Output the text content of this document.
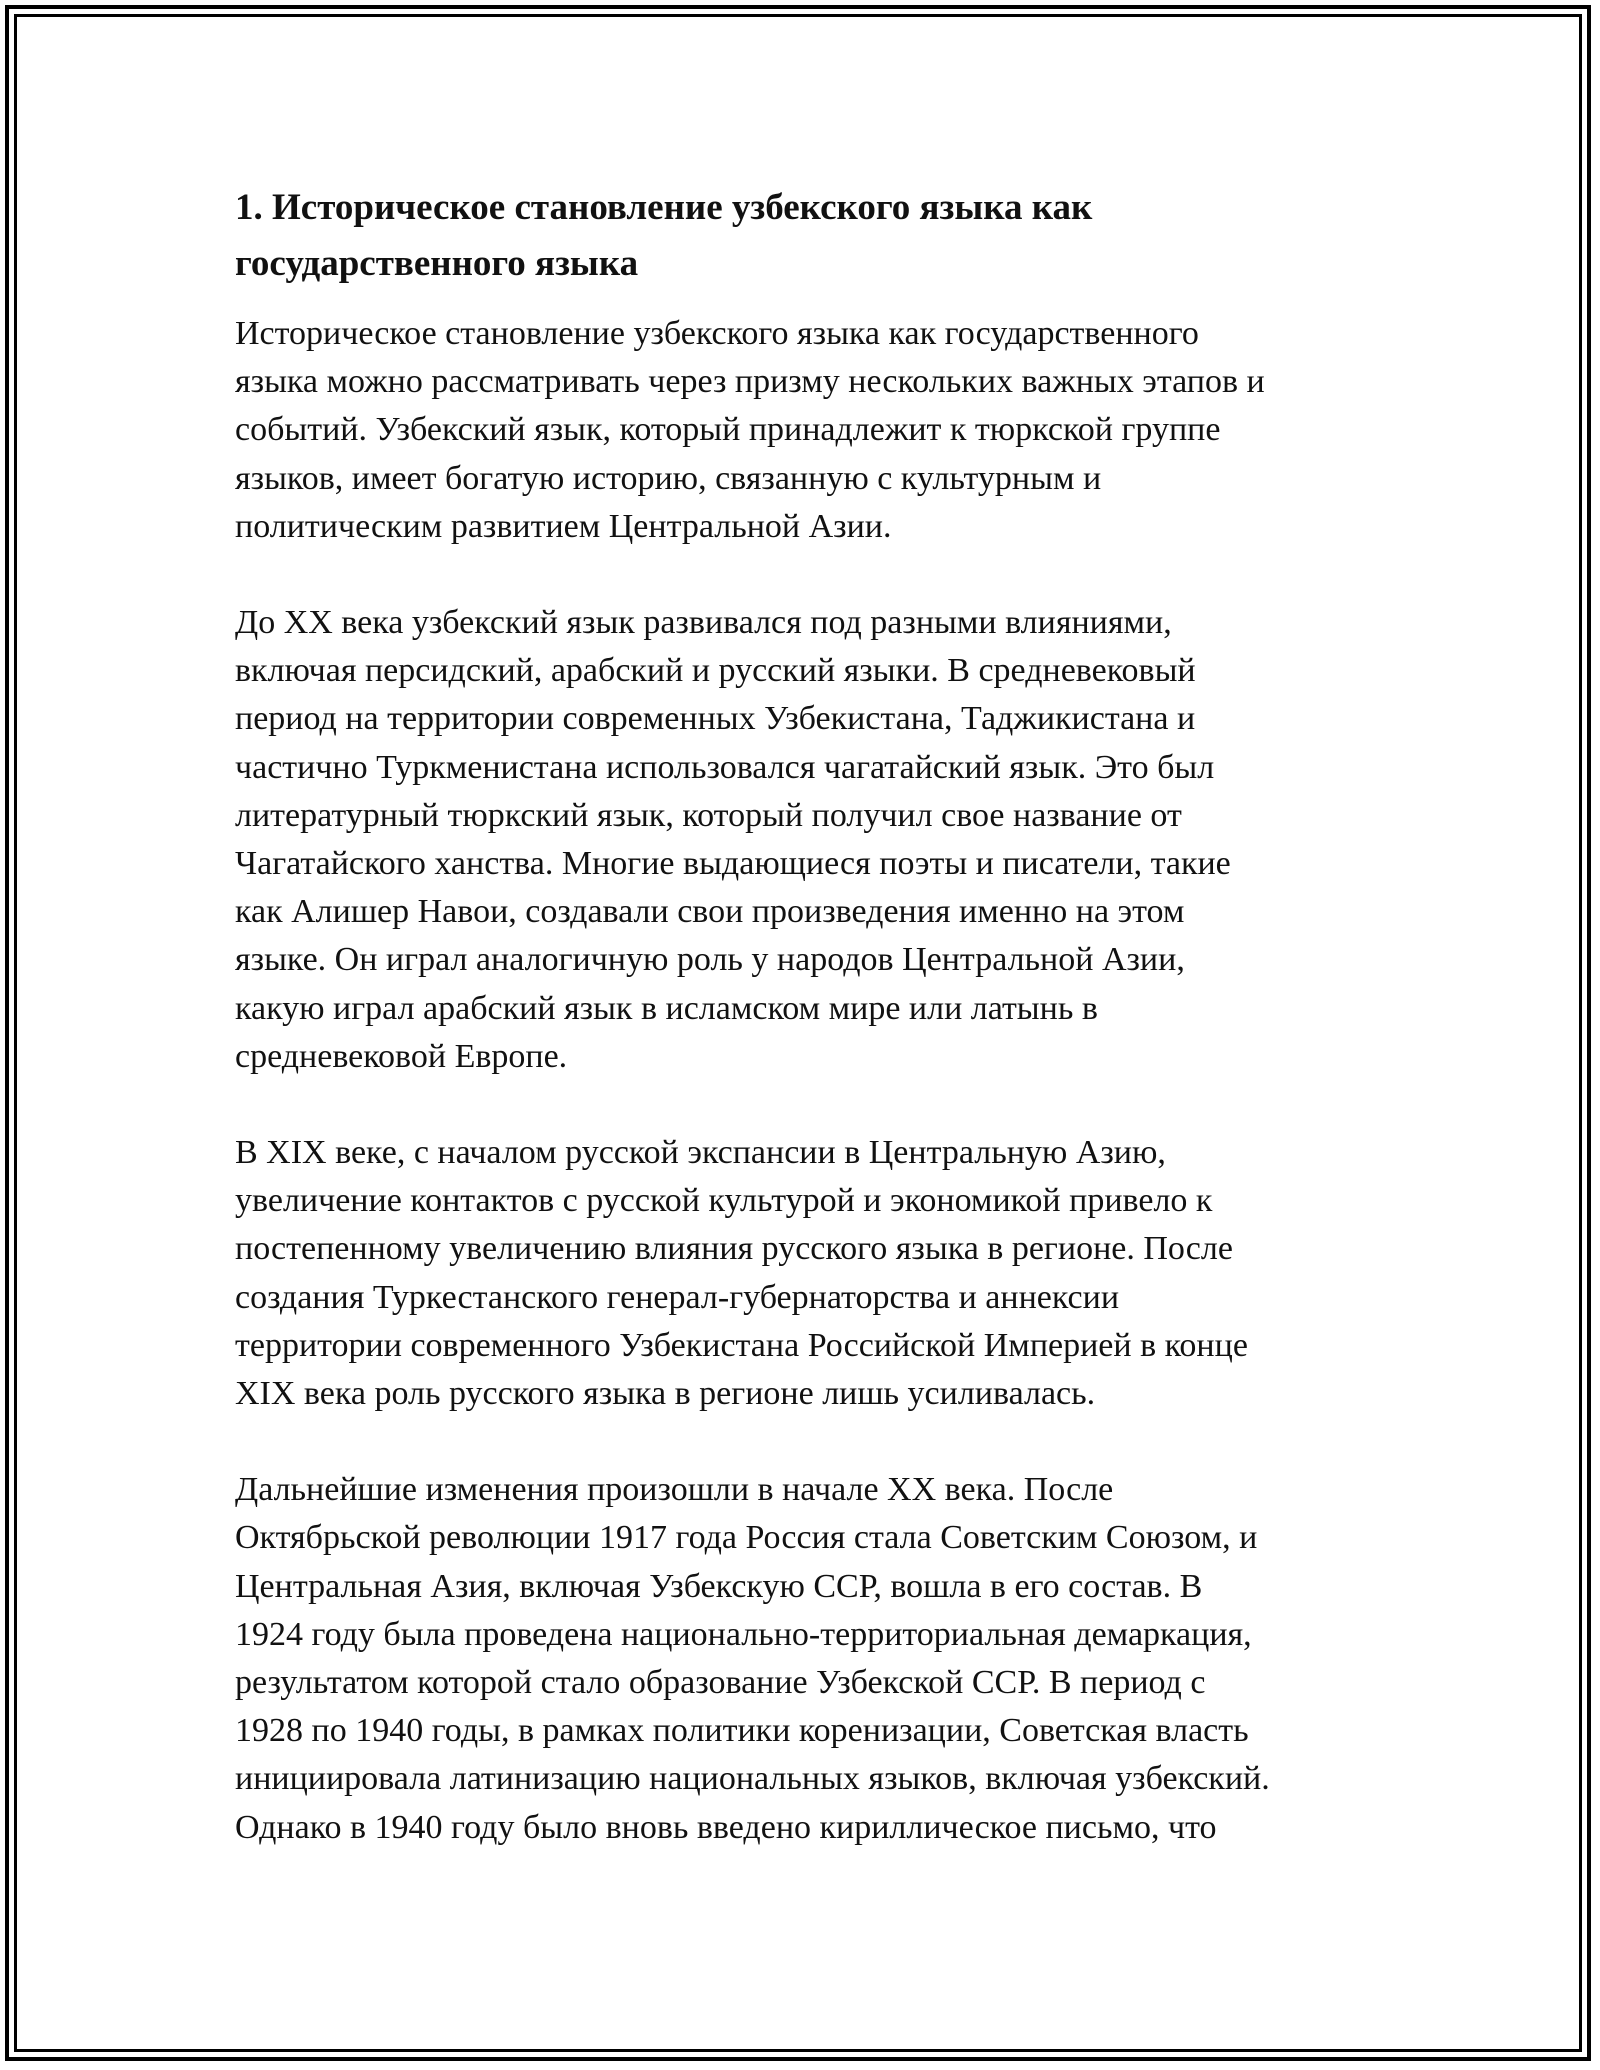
1. Историческое становление узбекского языка как
государственного языка

Историческое становление узбекского языка как государственного
языка можно рассматривать через призму нескольких важных этапов и
событий. Узбекский язык, который принадлежит к тюркской группе
языков, имеет богатую историю, связанную с культурным и
политическим развитием Центральной Азии.

До XX века узбекский язык развивался под разными влияниями,
включая персидский, арабский и русский языки. В средневековый
период на территории современных Узбекистана, Таджикистана и
частично Туркменистана использовался чагатайский язык. Это был
литературный тюркский язык, который получил свое название от
Чагатайского ханства. Многие выдающиеся поэты и писатели, такие
как Алишер Навои, создавали свои произведения именно на этом
языке. Он играл аналогичную роль у народов Центральной Азии,
какую играл арабский язык в исламском мире или латынь в
средневековой Европе.

В XIX веке, с началом русской экспансии в Центральную Азию,
увеличение контактов с русской культурой и экономикой привело к
постепенному увеличению влияния русского языка в регионе. После
создания Туркестанского генерал-губернаторства и аннексии
территории современного Узбекистана Российской Империей в конце
XIX века роль русского языка в регионе лишь усиливалась.

Дальнейшие изменения произошли в начале XX века. После
Октябрьской революции 1917 года Россия стала Советским Союзом, и
Центральная Азия, включая Узбекскую ССР, вошла в его состав. В
1924 году была проведена национально-территориальная демаркация,
результатом которой стало образование Узбекской ССР. В период с
1928 по 1940 годы, в рамках политики коренизации, Советская власть
инициировала латинизацию национальных языков, включая узбекский.
Однако в 1940 году было вновь введено кириллическое письмо, что
